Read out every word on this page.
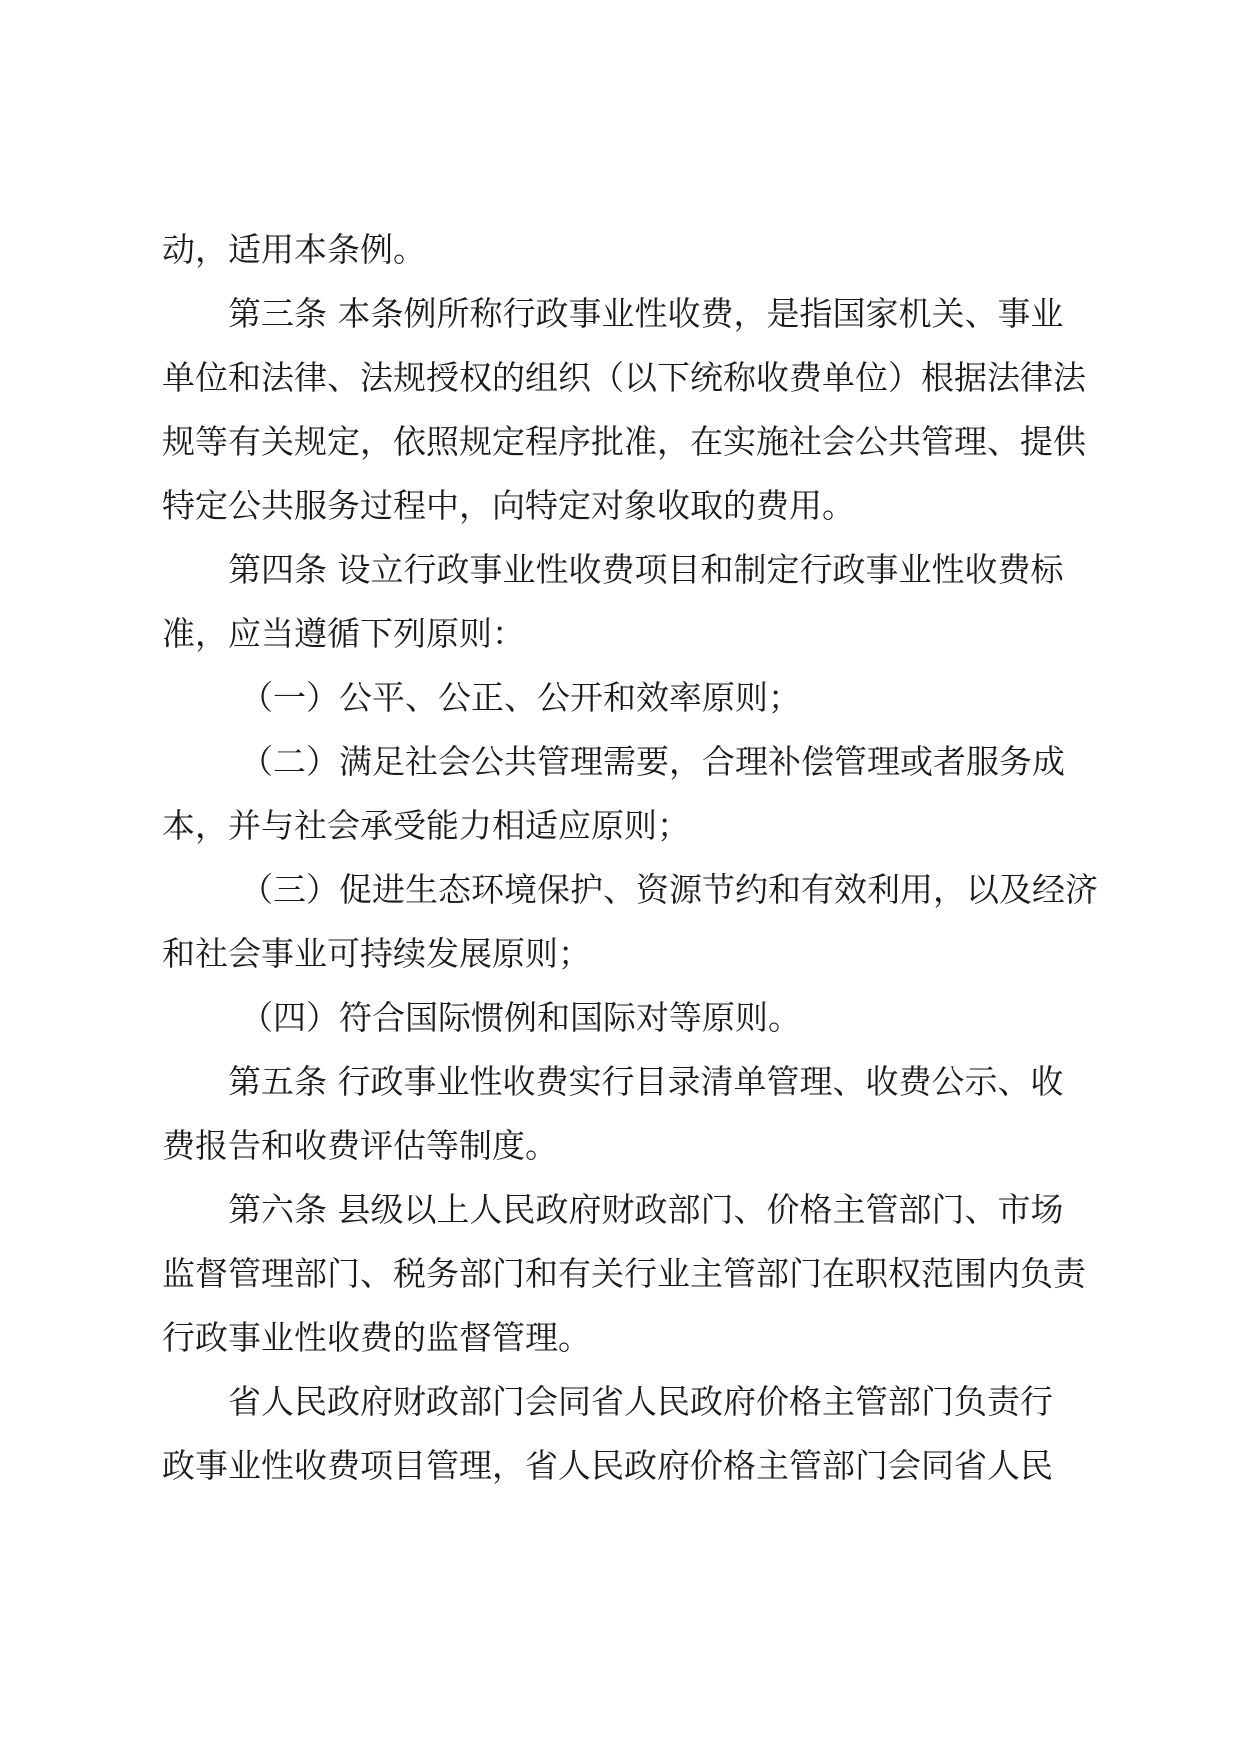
动，适用本条例。
第三条 本条例所称行政事业性收费，是指国家机关、事业
单位和法律、法规授权的组织（以下统称收费单位）根据法律法
规等有关规定，依照规定程序批准，在实施社会公共管理、提供
特定公共服务过程中，向特定对象收取的费用。
第四条 设立行政事业性收费项目和制定行政事业性收费标
准，应当遵循下列原则：
（一）公平、公正、公开和效率原则；
（二）满足社会公共管理需要，合理补偿管理或者服务成
本，并与社会承受能力相适应原则；
（三）促进生态环境保护、资源节约和有效利用，以及经济
和社会事业可持续发展原则；
（四）符合国际惯例和国际对等原则。
第五条 行政事业性收费实行目录清单管理、收费公示、收
费报告和收费评估等制度。
第六条 县级以上人民政府财政部门、价格主管部门、市场
监督管理部门、税务部门和有关行业主管部门在职权范围内负责
行政事业性收费的监督管理。
省人民政府财政部门会同省人民政府价格主管部门负责行
政事业性收费项目管理，省人民政府价格主管部门会同省人民
